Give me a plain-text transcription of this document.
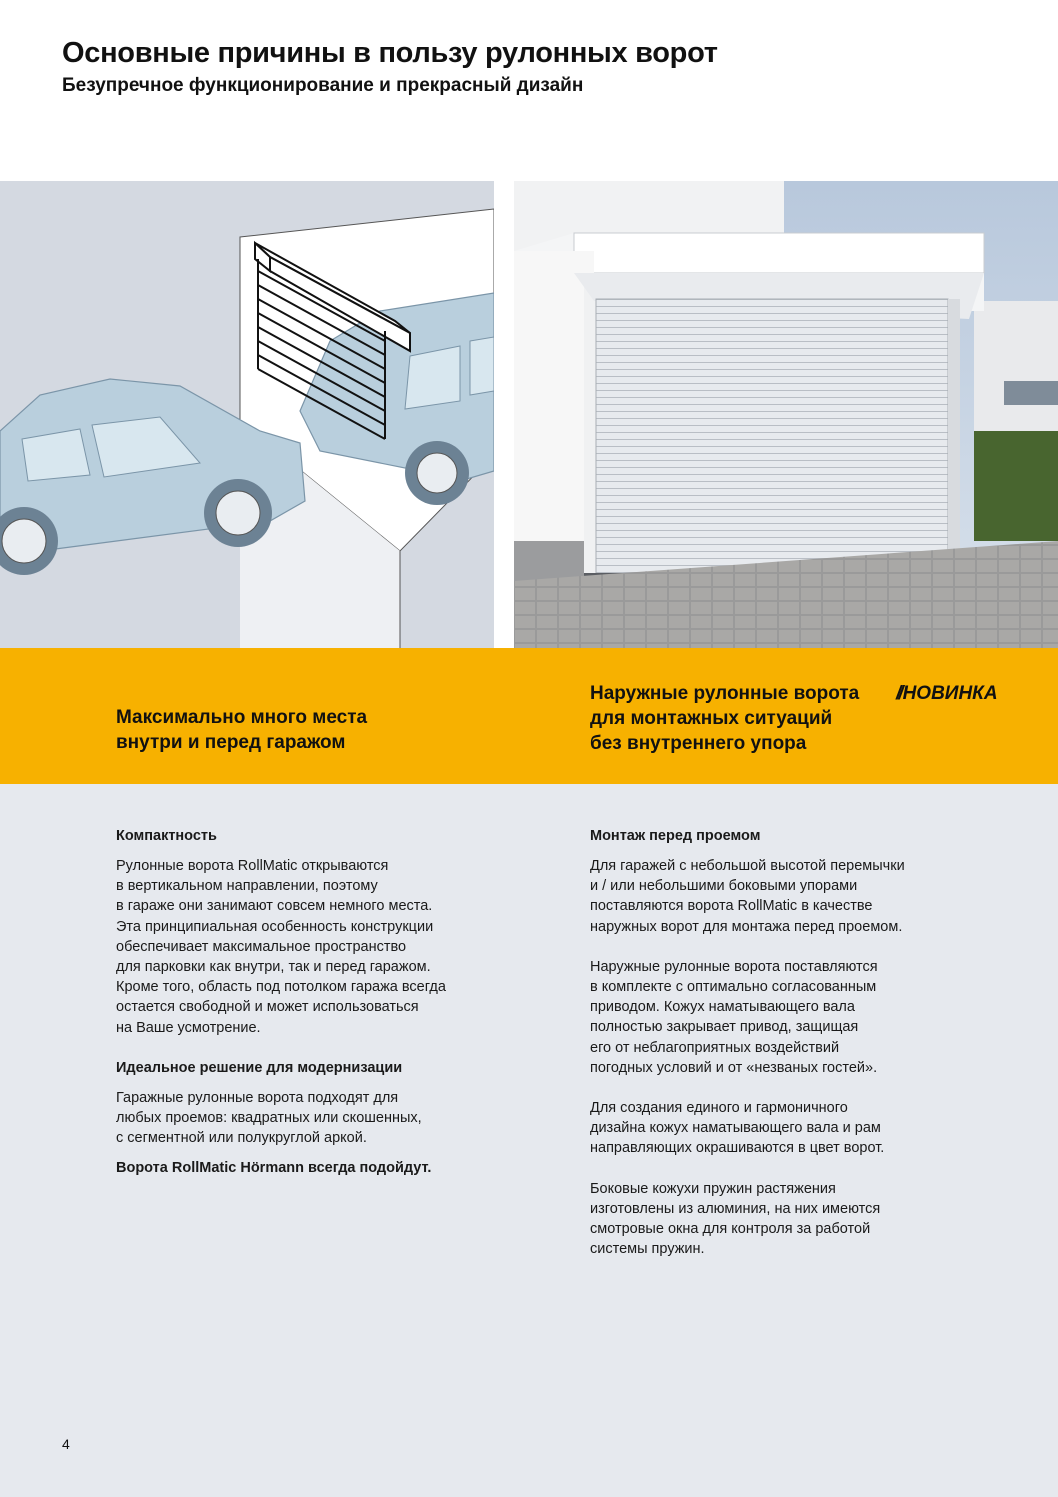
Основные причины в пользу рулонных ворот
Безупречное функционирование и прекрасный дизайн

Максимально много места
внутри и перед гаражом

Наружные рулонные ворота
для монтажных ситуаций
без внутреннего упора

// НОВИНКА
Компактность

Рулонные ворота RollMatic открываются
в вертикальном направлении, поэтому
в гараже они занимают совсем немного места.
Эта принципиальная особенность конструкции
обеспечивает максимальное пространство
для парковки как внутри, так и перед гаражом.
Кроме того, область под потолком гаража всегда
остается свободной и может использоваться
на Ваше усмотрение.

Идеальное решение для модернизации

Гаражные рулонные ворота подходят для
любых проемов: квадратных или скошенных,
с сегментной или полукруглой аркой.

Ворота RollMatic Hörmann всегда подойдут.

Монтаж перед проемом

Для гаражей с небольшой высотой перемычки
и / или небольшими боковыми упорами
поставляются ворота RollMatic в качестве
наружных ворот для монтажа перед проемом.

Наружные рулонные ворота поставляются
в комплекте с оптимально согласованным
приводом. Кожух наматывающего вала
полностью закрывает привод, защищая
его от неблагоприятных воздействий
погодных условий и от «незваных гостей».

Для создания единого и гармоничного
дизайна кожух наматывающего вала и рам
направляющих окрашиваются в цвет ворот.

Боковые кожухи пружин растяжения
изготовлены из алюминия, на них имеются
смотровые окна для контроля за работой
системы пружин.

4
